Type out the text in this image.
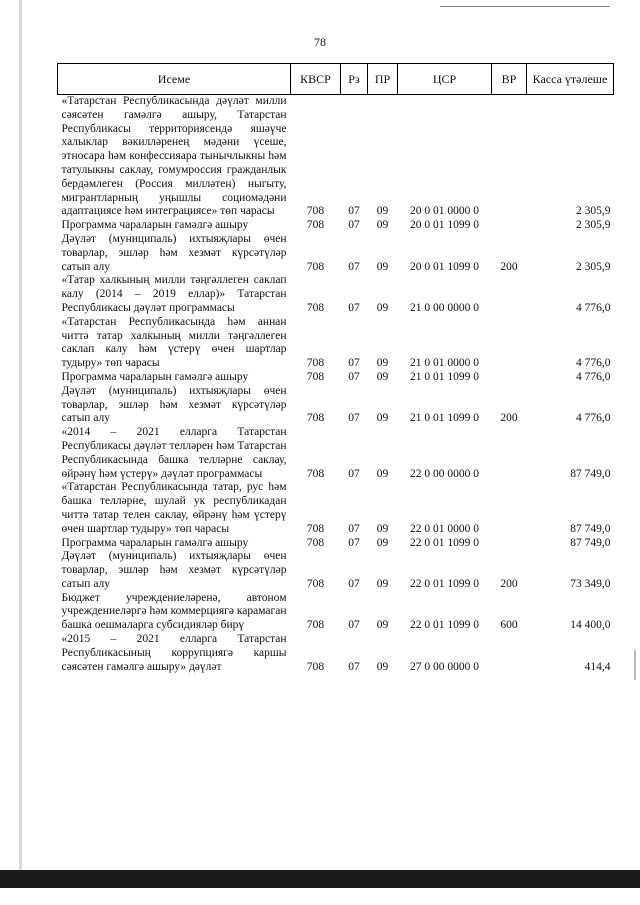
78
Исеме	КВСР	Рз	ПР	ЦСР	ВР	Касса үтәлеше
«Татарстан Республикасында дәүләт милли сәясәтен гамәлгә ашыру, Татарстан Республикасы территориясендә яшәүче халыклар вәкилләренең мәдәни үсеше, этносара һәм конфессияара тынычлыкны һәм татулыкны саклау, гомумроссия гражданлык бердәмлеген (Россия милләтен) ныгыту, мигрантларның уңышлы социомәдәни адаптациясе һәм интеграциясе» төп чарасы	708	07	09	20 0 01 0000 0		2 305,9
Программа чараларын гамәлгә ашыру	708	07	09	20 0 01 1099 0		2 305,9
Дәүләт (муниципаль) ихтыяҗлары өчен товарлар, эшләр һәм хезмәт күрсәтүләр сатып алу	708	07	09	20 0 01 1099 0	200	2 305,9
«Татар халкының милли тәңгәллеген саклап калу (2014 – 2019 еллар)» Татарстан Республикасы дәүләт программасы	708	07	09	21 0 00 0000 0		4 776,0
«Татарстан Республикасында һәм аннан читтә татар халкының милли тәңгәллеген саклап калу һәм үстерү өчен шартлар тудыру» төп чарасы	708	07	09	21 0 01 0000 0		4 776,0
Программа чараларын гамәлгә ашыру	708	07	09	21 0 01 1099 0		4 776,0
Дәүләт (муниципаль) ихтыяҗлары өчен товарлар, эшләр һәм хезмәт күрсәтүләр сатып алу	708	07	09	21 0 01 1099 0	200	4 776,0
«2014 – 2021 елларга Татарстан Республикасы дәүләт телләрен һәм Татарстан Республикасында башка телләрне саклау, өйрәнү һәм үстерү» дәүләт программасы	708	07	09	22 0 00 0000 0		87 749,0
«Татарстан Республикасында татар, рус һәм башка телләрне, шулай ук республикадан читтә татар телен саклау, өйрәнү һәм үстерү өчен шартлар тудыру» төп чарасы	708	07	09	22 0 01 0000 0		87 749,0
Программа чараларын гамәлгә ашыру	708	07	09	22 0 01 1099 0		87 749,0
Дәүләт (муниципаль) ихтыяҗлары өчен товарлар, эшләр һәм хезмәт күрсәтүләр сатып алу	708	07	09	22 0 01 1099 0	200	73 349,0
Бюджет учреждениеләренә, автоном учреждениеләргә һәм коммерциягә карамаган башка оешмаларга субсидияләр бирү	708	07	09	22 0 01 1099 0	600	14 400,0
«2015 – 2021 елларга Татарстан Республикасының коррупциягә каршы сәясәтен гамәлгә ашыру» дәүләт	708	07	09	27 0 00 0000 0		414,4
